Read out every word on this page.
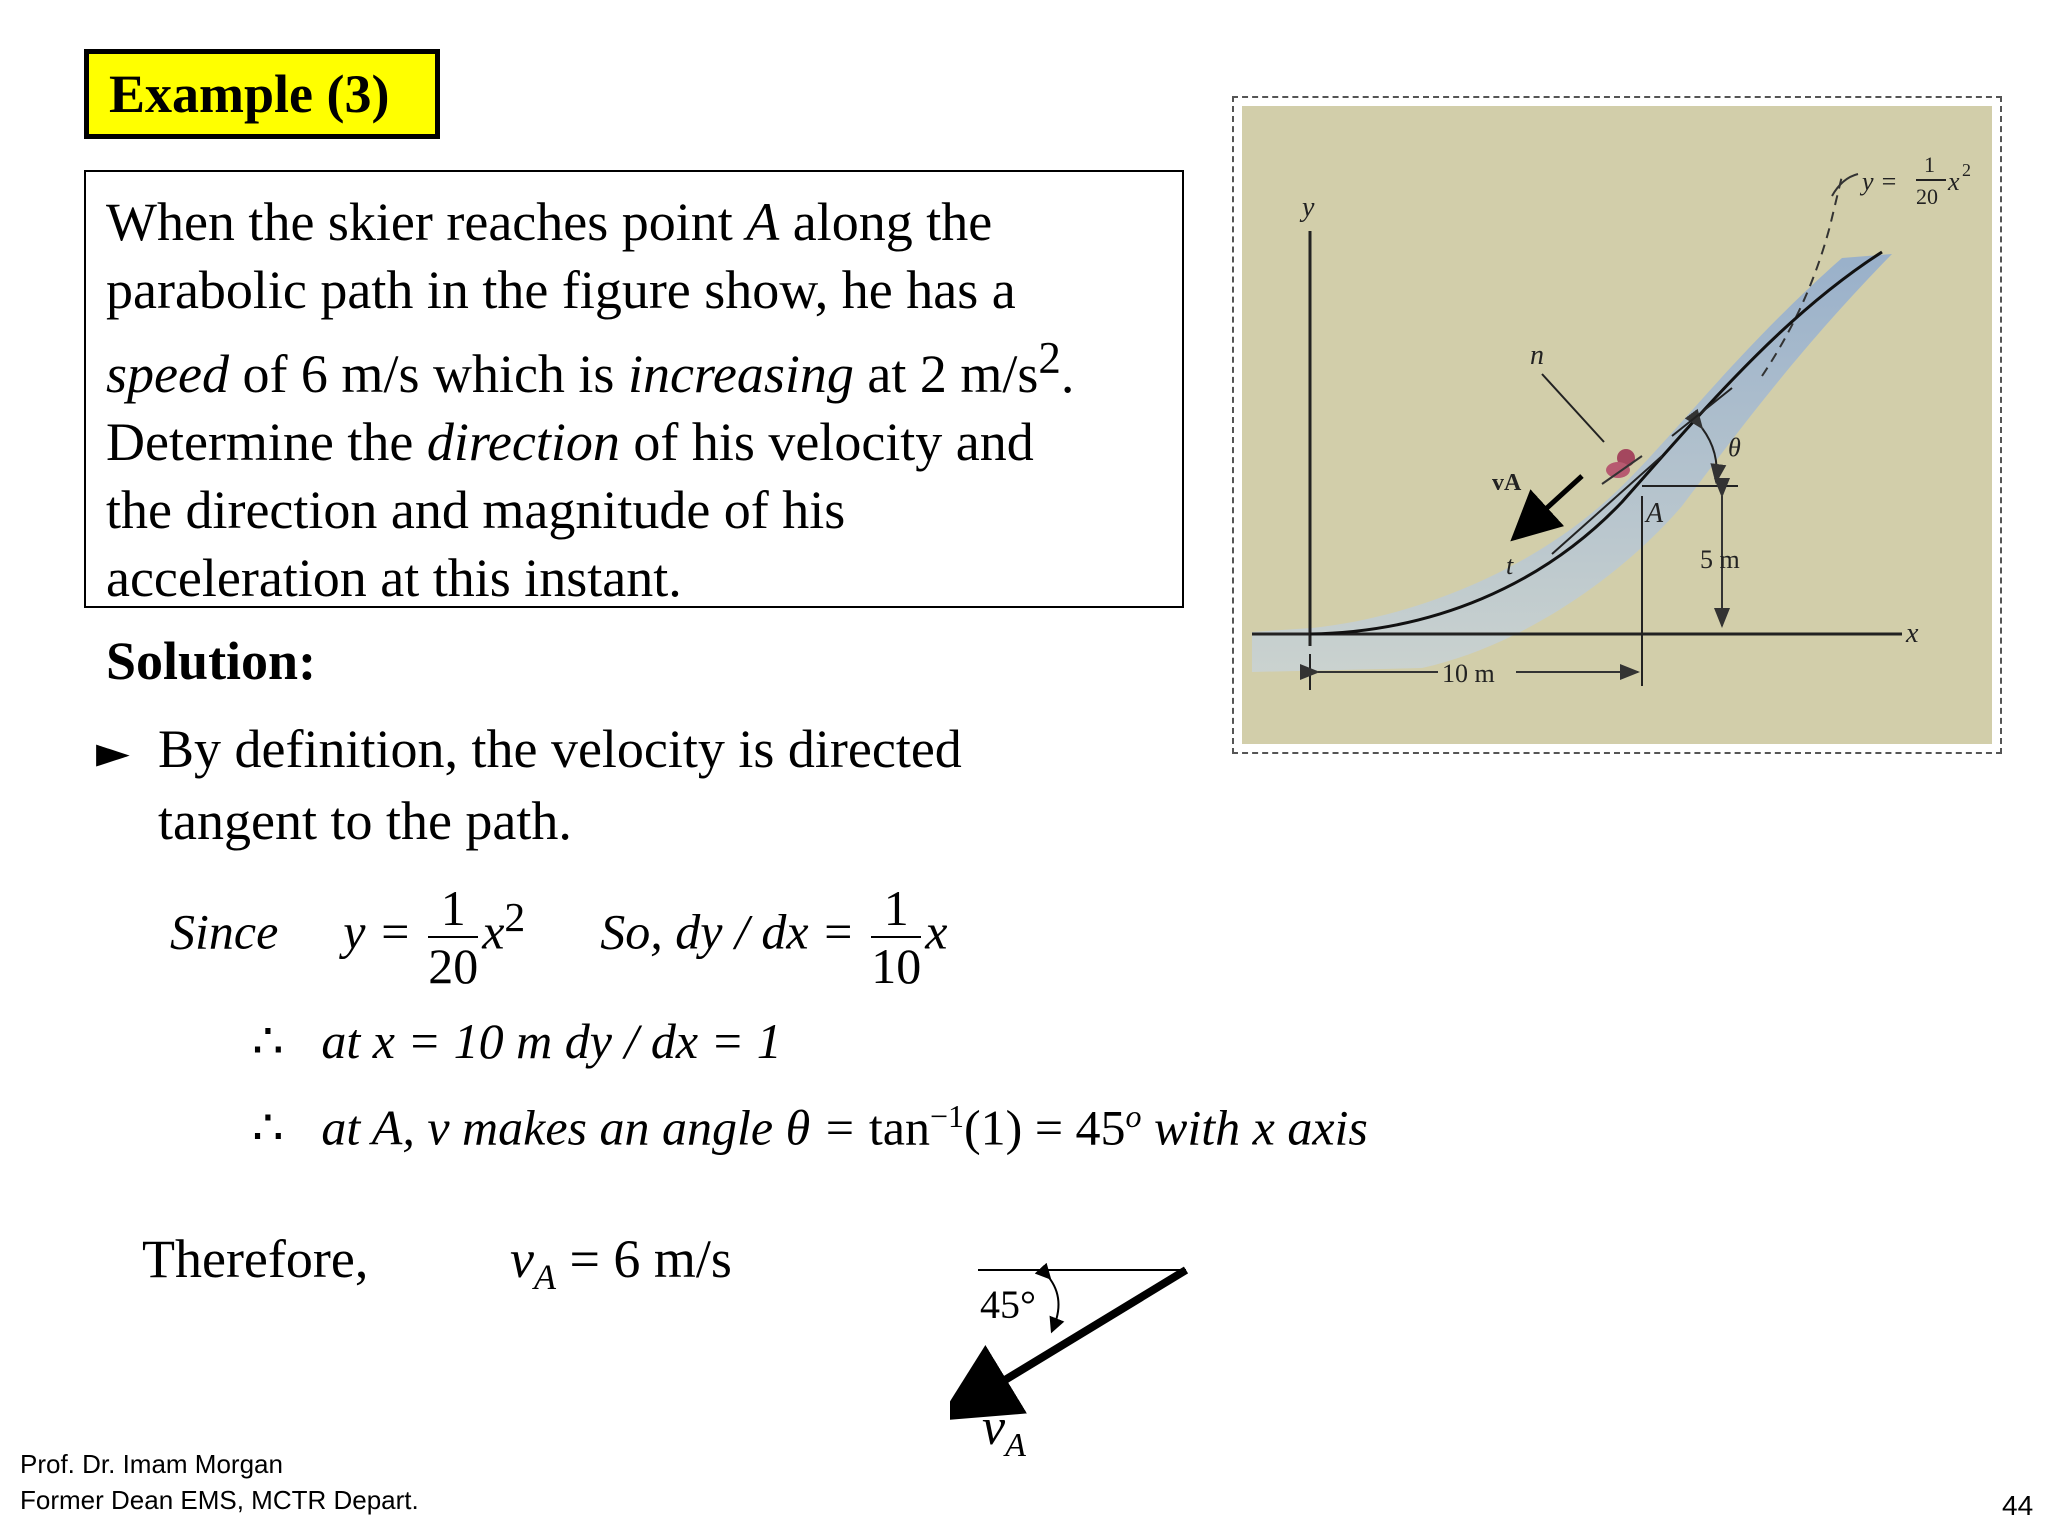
Example (3)
When the skier reaches point A along the
parabolic path in the figure show, he has a
speed of 6 m/s which is increasing at 2 $m/s^2$.
Determine the direction of his velocity and
the direction and magnitude of his
acceleration at this instant.
Solution:
► By definition, the velocity is directed
tangent to the path.
Since $y = \frac{1}{20} x^2$ So, dy / dx = $\frac{1}{10}$ x
∴ at x = 10 m dy / dx = 1
∴ at A, v makes an angle $\theta = \tan^{-1}(1) = 45^o$ with x axis
Therefore,	$v_A = 6$ m/s
45°
$v_A$
y
x
y =
1
20
x 2
n
t
vA
A
5 m
10 m
θ
Prof. Dr. Imam Morgan
Former Dean EMS, MCTR Depart.	44
